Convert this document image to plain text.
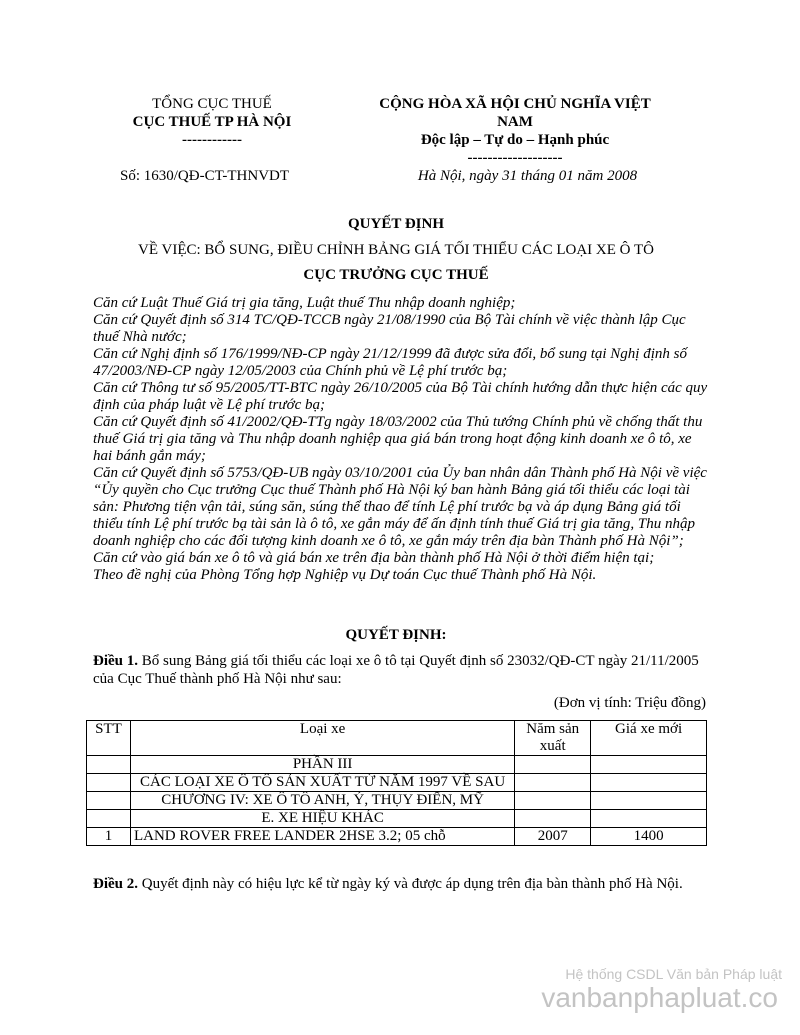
TỔNG CỤC THUẾ
CỤC THUẾ TP HÀ NỘI
------------
CỘNG HÒA XÃ HỘI CHỦ NGHĨA VIỆT
NAM
Độc lập – Tự do – Hạnh phúc
-------------------
Số: 1630/QĐ-CT-THNVDT	Hà Nội, ngày 31 tháng 01 năm 2008
QUYẾT ĐỊNH
VỀ VIỆC: BỔ SUNG, ĐIỀU CHỈNH BẢNG GIÁ TỐI THIỂU CÁC LOẠI XE Ô TÔ
CỤC TRƯỞNG CỤC THUẾ

Căn cứ Luật Thuế Giá trị gia tăng, Luật thuế Thu nhập doanh nghiệp;

Căn cứ Quyết định số 314 TC/QĐ-TCCB ngày 21/08/1990 của Bộ Tài chính về việc thành lập Cục thuế Nhà nước;

Căn cứ Nghị định số 176/1999/NĐ-CP ngày 21/12/1999 đã được sửa đổi, bổ sung tại Nghị định số 47/2003/NĐ-CP ngày 12/05/2003 của Chính phủ về Lệ phí trước bạ;

Căn cứ Thông tư số 95/2005/TT-BTC ngày 26/10/2005 của Bộ Tài chính hướng dẫn thực hiện các quy định của pháp luật về Lệ phí trước bạ;

Căn cứ Quyết định số 41/2002/QĐ-TTg ngày 18/03/2002 của Thủ tướng Chính phủ về chống thất thu thuế Giá trị gia tăng và Thu nhập doanh nghiệp qua giá bán trong hoạt động kinh doanh xe ô tô, xe hai bánh gắn máy;

Căn cứ Quyết định số 5753/QĐ-UB ngày 03/10/2001 của Ủy ban nhân dân Thành phố Hà Nội về việc “Ủy quyền cho Cục trưởng Cục thuế Thành phố Hà Nội ký ban hành Bảng giá tối thiểu các loại tài sản: Phương tiện vận tải, súng săn, súng thể thao để tính Lệ phí trước bạ và áp dụng Bảng giá tối thiểu tính Lệ phí trước bạ tài sản là ô tô, xe gắn máy để ấn định tính thuế Giá trị gia tăng, Thu nhập doanh nghiệp cho các đối tượng kinh doanh xe ô tô, xe gắn máy trên địa bàn Thành phố Hà Nội”;

Căn cứ vào giá bán xe ô tô và giá bán xe trên địa bàn thành phố Hà Nội ở thời điểm hiện tại;

Theo đề nghị của Phòng Tổng hợp Nghiệp vụ Dự toán Cục thuế Thành phố Hà Nội.

QUYẾT ĐỊNH:
Điều 1. Bổ sung Bảng giá tối thiểu các loại xe ô tô tại Quyết định số 23032/QĐ-CT ngày 21/11/2005 của Cục Thuế thành phố Hà Nội như sau:
(Đơn vị tính: Triệu đồng)
STT	Loại xe	Năm sản xuất	Giá xe mới
	PHẦN III		
	CÁC LOẠI XE Ô TÔ SẢN XUẤT TỪ NĂM 1997 VỀ SAU		
	CHƯƠNG IV: XE Ô TÔ ANH, Ý, THỤY ĐIỂN, MỸ		
	E. XE HIỆU KHÁC		
1	LAND ROVER FREE LANDER 2HSE 3.2; 05 chỗ	2007	1400
Điều 2. Quyết định này có hiệu lực kể từ ngày ký và được áp dụng trên địa bàn thành phố Hà Nội.
Hệ thống CSDL Văn bản Pháp luật
vanbanphapluat.co
